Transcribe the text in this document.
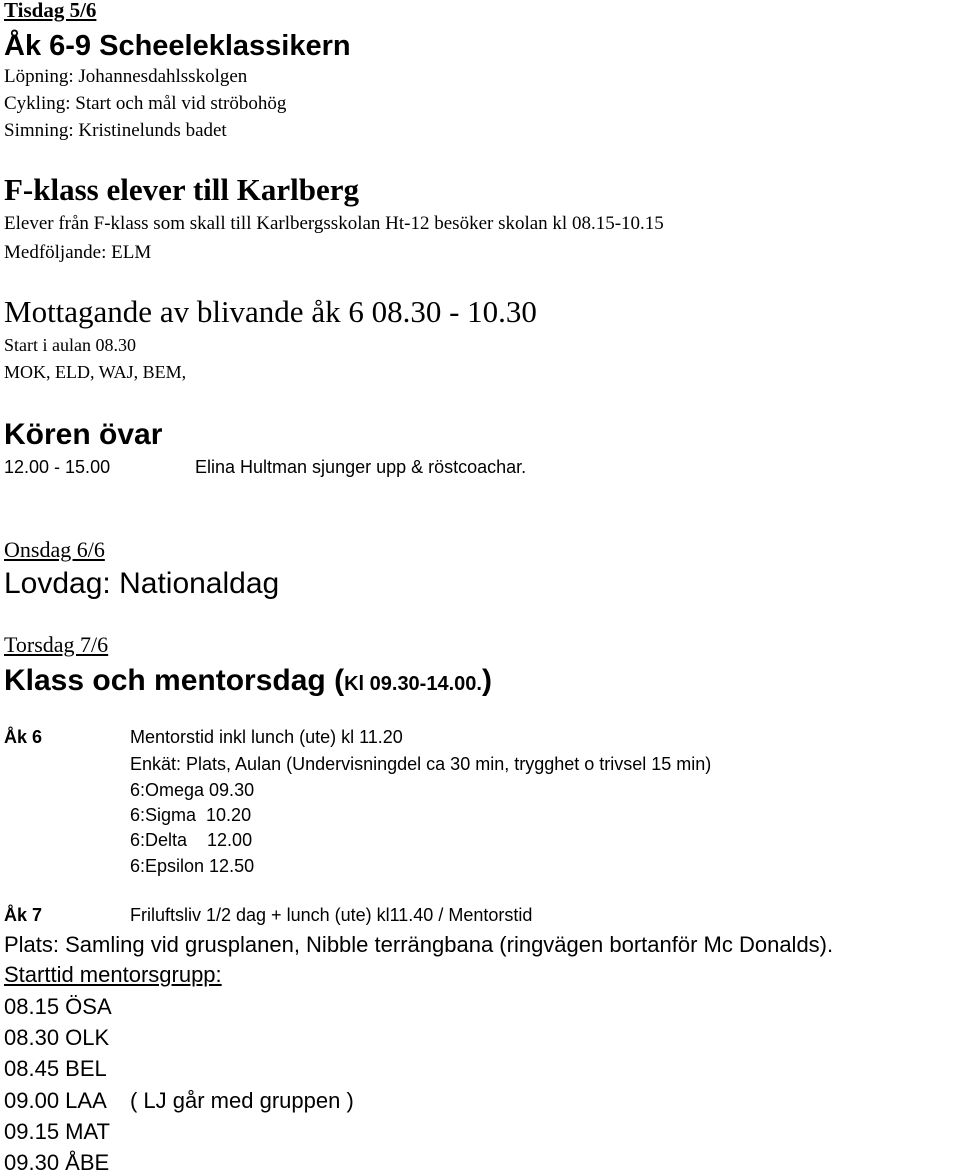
Tisdag 5/6
Åk 6-9 Scheeleklassikern
Löpning: Johannesdahlsskolgen
Cykling: Start och mål vid ströbohög
Simning: Kristinelunds badet
F-klass elever till Karlberg
Elever från F-klass som skall till Karlbergsskolan Ht-12 besöker skolan kl 08.15-10.15
Medföljande: ELM
Mottagande av blivande åk 6 08.30 - 10.30
Start i aulan 08.30
MOK, ELD, WAJ, BEM,
Kören övar
12.00 - 15.00	Elina Hultman sjunger upp & röstcoachar.
Onsdag 6/6
Lovdag: Nationaldag
Torsdag 7/6
Klass och mentorsdag (Kl 09.30-14.00.)
Åk 6	Mentorstid inkl lunch (ute) kl 11.20
Enkät: Plats, Aulan (Undervisningdel ca 30 min, trygghet o trivsel 15 min)
6:Omega 09.30
6:Sigma  10.20
6:Delta    12.00
6:Epsilon 12.50
Åk 7	Friluftsliv 1/2 dag + lunch (ute) kl11.40 / Mentorstid
Plats: Samling vid grusplanen, Nibble terrängbana (ringvägen bortanför Mc Donalds).
Starttid mentorsgrupp:
08.15 ÖSA
08.30 OLK
08.45 BEL
09.00 LAA    ( LJ går med gruppen )
09.15 MAT
09.30 ÅBE
